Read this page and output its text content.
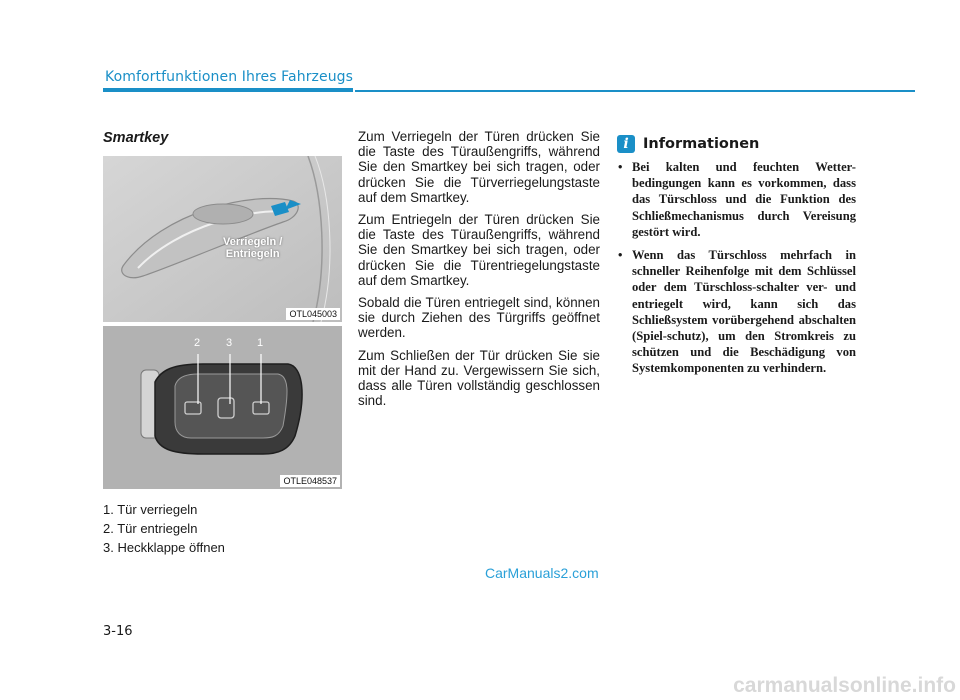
Komfortfunktionen Ihres Fahrzeugs
Smartkey
Verriegeln /
Entriegeln
OTL045003
2 3 1
OTLE048537
1. Tür verriegeln
2. Tür entriegeln
3. Heckklappe öffnen

Zum Verriegeln der Türen drücken Sie die Taste des Türaußengriffs, während Sie den Smartkey bei sich tragen, oder drücken Sie die Türverriegelungstaste auf dem Smartkey.

Zum Entriegeln der Türen drücken Sie die Taste des Türaußengriffs, während Sie den Smartkey bei sich tragen, oder drücken Sie die Türentriegelungstaste auf dem Smartkey.

Sobald die Türen entriegelt sind, können sie durch Ziehen des Türgriffs geöffnet werden.

Zum Schließen der Tür drücken Sie sie mit der Hand zu. Vergewissern Sie sich, dass alle Türen vollständig geschlossen sind.

i Informationen
• Bei kalten und feuchten Wetter-bedingungen kann es vorkommen, dass das Türschloss und die Funktion des Schließmechanismus durch Vereisung gestört wird.
• Wenn das Türschloss mehrfach in schneller Reihenfolge mit dem Schlüssel oder dem Türschloss-schalter ver- und entriegelt wird, kann sich das Schließsystem vorübergehend abschalten (Spiel-schutz), um den Stromkreis zu schützen und die Beschädigung von Systemkomponenten zu verhindern.
CarManuals2.com
3-16
carmanualsonline.info
